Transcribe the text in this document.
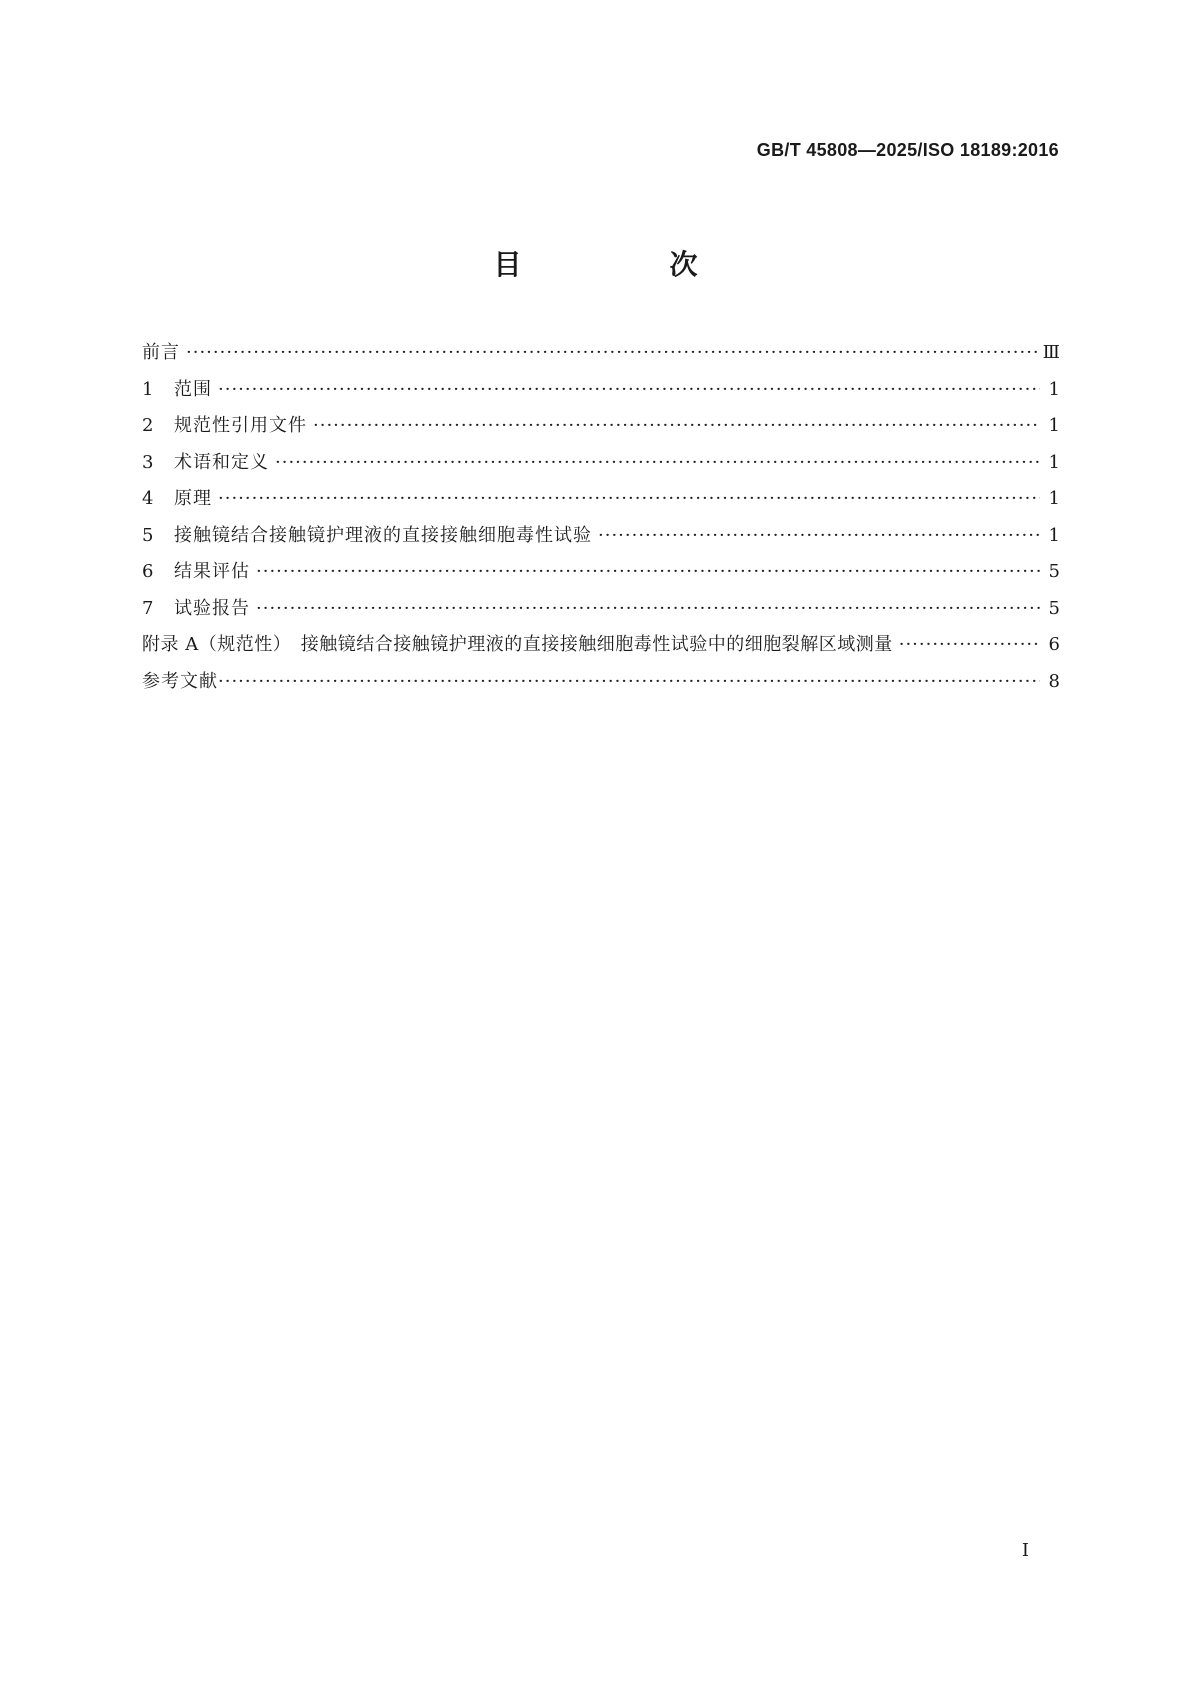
GB/T 45808—2025/ISO 18189:2016
目　次
前言 ·····	Ⅲ
1	范围 ·····	1
2	规范性引用文件 ·····	1
3	术语和定义 ·····	1
4	原理 ·····	1
5	接触镜结合接触镜护理液的直接接触细胞毒性试验 ·····	1
6	结果评估 ·····	5
7	试验报告 ·····	5
附录 A（规范性）　接触镜结合接触镜护理液的直接接触细胞毒性试验中的细胞裂解区域测量 ·····	6
参考文献 ·····	8
Ⅰ
